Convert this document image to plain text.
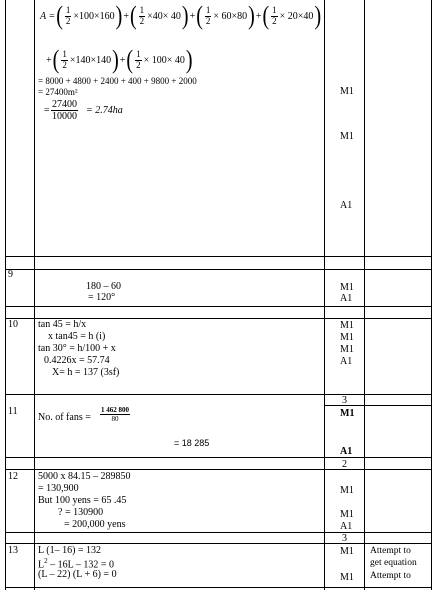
A = ( $\frac{1}{2} \times 100\times 160$ ) + ( $\frac{1}{2} \times 40\times 40$ ) + ( $\frac{1}{2} \times 60\times 80$ ) + ( $\frac{1}{2} \times 20\times 40$ )
+ ( $\frac{1}{2} \times 140\times 140$ ) + ( $\frac{1}{2} \times 100\times 40$ )
= 8000 + 4800 + 2400 + 400 + 9800 + 2000
= 27400m²
= $\frac{27400}{10000} = 2.74ha$
M1
M1
A1
9
180 – 60
= 120°
M1
A1
10 tan 45 = h/x
x tan45 = h (i)
tan 30° = h/100 + x
0.4226x = 57.74
X= h = 137 (3sf)
M1
M1
M1
A1
3
11
No. of fans = $\frac{1 462 800}{80}$
= 18 285
M1
A1
2
12 5000 x 84.15 – 289850
= 130,900
But 100 yens = 65 .45
? = 130900
= 200,000 yens
M1
M1
A1
3
13 L (1– 16) = 132
$L^2 - 16L - 132 = 0$
(L – 22) (L + 6) = 0
M1
M1
Attempt to
get equation
Attempt to
